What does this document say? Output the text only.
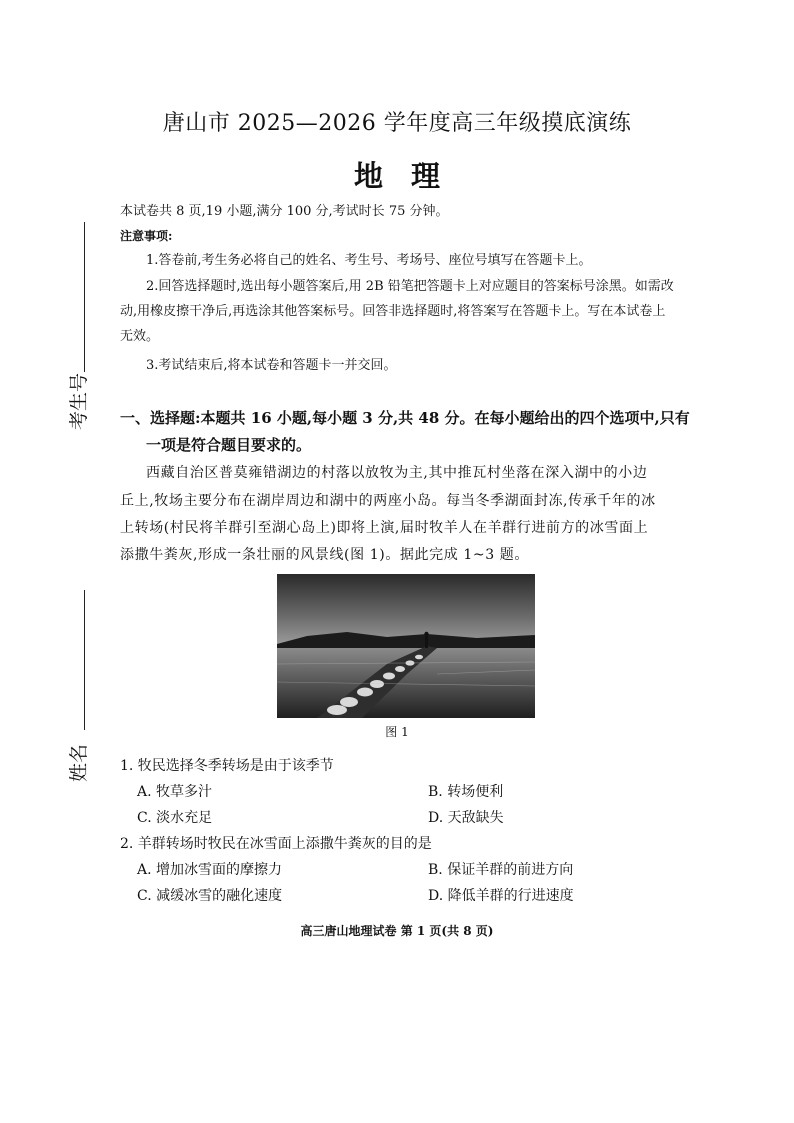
唐山市 2025—2026 学年度高三年级摸底演练
地理
本试卷共 8 页,19 小题,满分 100 分,考试时长 75 分钟。
注意事项:
1.答卷前,考生务必将自己的姓名、考生号、考场号、座位号填写在答题卡上。
2.回答选择题时,选出每小题答案后,用 2B 铅笔把答题卡上对应题目的答案标号涂黑。如需改
动,用橡皮擦干净后,再选涂其他答案标号。回答非选择题时,将答案写在答题卡上。写在本试卷上
无效。
3.考试结束后,将本试卷和答题卡一并交回。
考生号
姓名
一、选择题:本题共 16 小题,每小题 3 分,共 48 分。在每小题给出的四个选项中,只有
一项是符合题目要求的。
西藏自治区普莫雍错湖边的村落以放牧为主,其中推瓦村坐落在深入湖中的小边
丘上,牧场主要分布在湖岸周边和湖中的两座小岛。每当冬季湖面封冻,传承千年的冰
上转场(村民将羊群引至湖心岛上)即将上演,届时牧羊人在羊群行进前方的冰雪面上
添撒牛粪灰,形成一条壮丽的风景线(图 1)。据此完成 1~3 题。
图 1
1. 牧民选择冬季转场是由于该季节
A. 牧草多汁	B. 转场便利
C. 淡水充足	D. 天敌缺失
2. 羊群转场时牧民在冰雪面上添撒牛粪灰的目的是
A. 增加冰雪面的摩擦力	B. 保证羊群的前进方向
C. 减缓冰雪的融化速度	D. 降低羊群的行进速度
高三唐山地理试卷 第 1 页(共 8 页)
